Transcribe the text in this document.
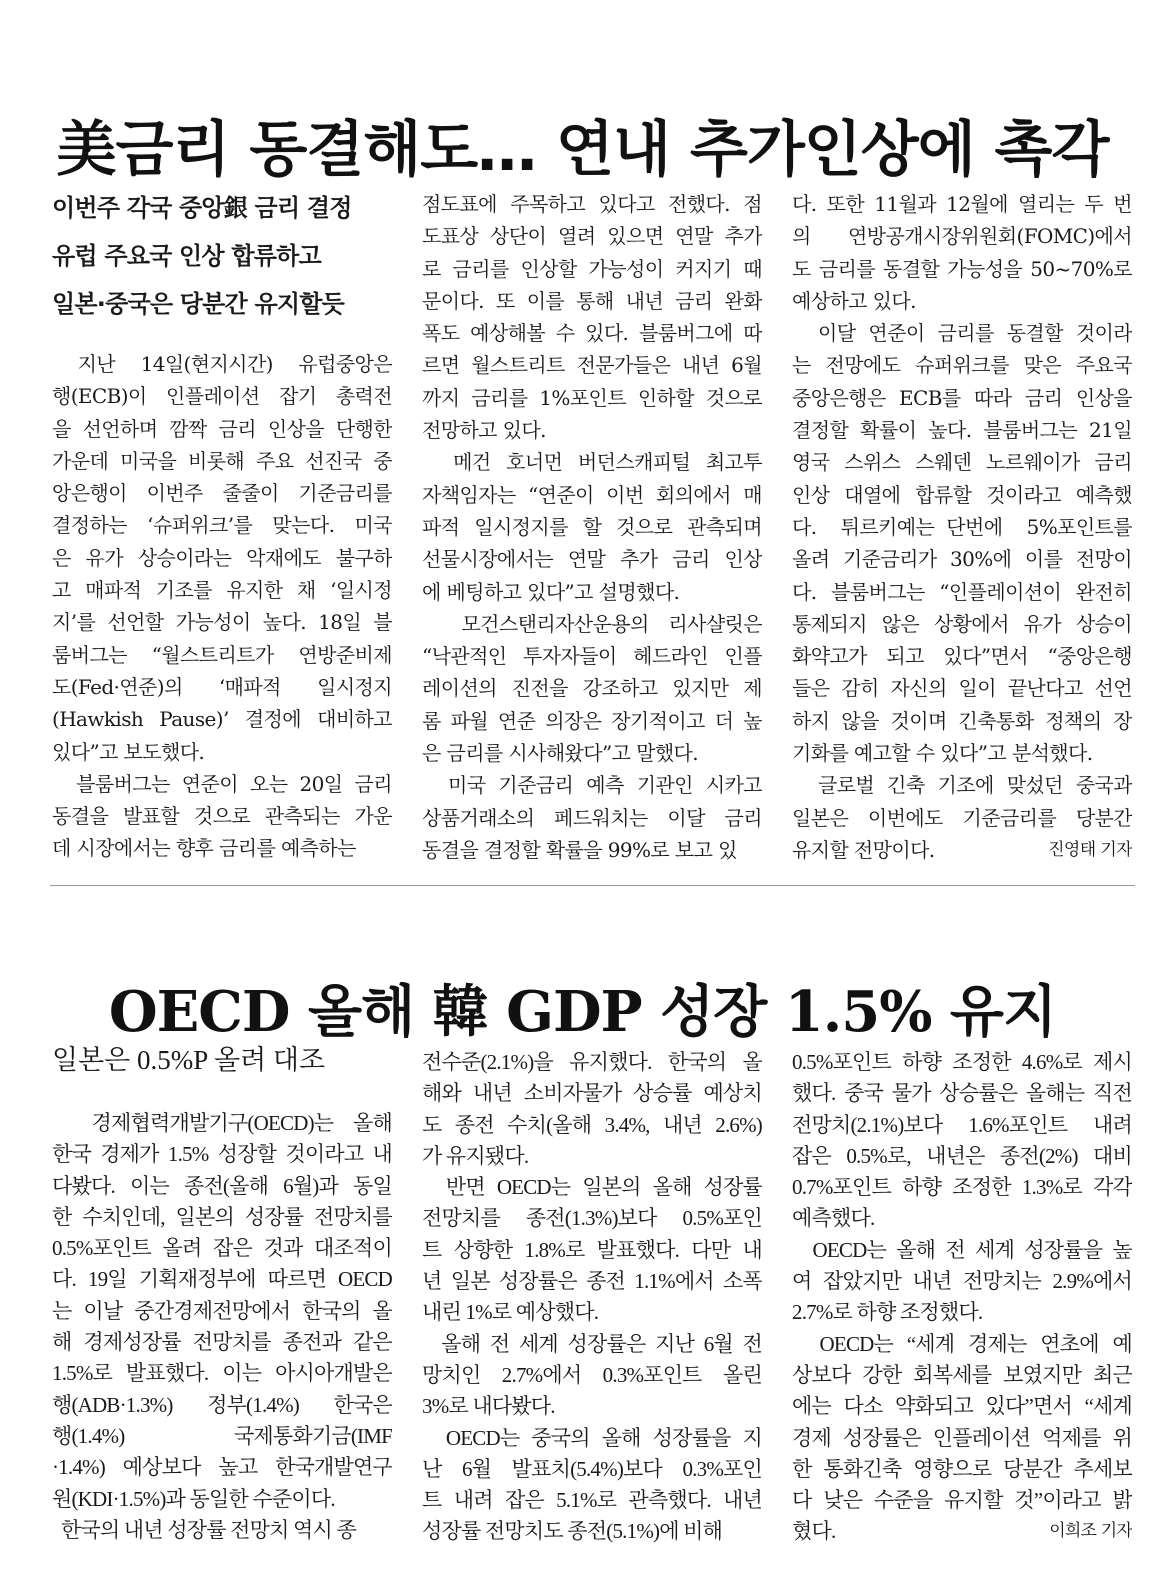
美금리 동결해도… 연내 추가인상에 촉각
이번주 각국 중앙銀 금리 결정
유럽 주요국 인상 합류하고
일본·중국은 당분간 유지할듯
지난  14일(현지시간)  유럽중앙은
행(ECB)이 인플레이션 잡기 총력전
을 선언하며 깜짝 금리 인상을 단행한
가운데 미국을 비롯해 주요 선진국 중
앙은행이 이번주 줄줄이 기준금리를
결정하는 ‘슈퍼위크’를 맞는다. 미국
은 유가 상승이라는 악재에도 불구하
고 매파적 기조를 유지한 채 ‘일시정
지’를 선언할 가능성이 높다. 18일 블
룸버그는 “월스트리트가 연방준비제
도(Fed·연준)의  ‘매파적  일시정지
(Hawkish Pause)’ 결정에 대비하고
있다”고 보도했다.
블룸버그는 연준이 오는 20일 금리
동결을 발표할 것으로 관측되는 가운
데 시장에서는 향후 금리를 예측하는
점도표에 주목하고 있다고 전했다. 점
도표상 상단이 열려 있으면 연말 추가
로 금리를 인상할 가능성이 커지기 때
문이다. 또 이를 통해 내년 금리 완화
폭도 예상해볼 수 있다. 블룸버그에 따
르면 월스트리트 전문가들은 내년 6월
까지 금리를 1%포인트 인하할 것으로
전망하고 있다.
메건 호너먼 버던스캐피털 최고투
자책임자는 “연준이 이번 회의에서 매
파적 일시정지를 할 것으로 관측되며
선물시장에서는 연말 추가 금리 인상
에 베팅하고 있다”고 설명했다.
모건스탠리자산운용의 리사샬릿은
“낙관적인 투자자들이 헤드라인 인플
레이션의 진전을 강조하고 있지만 제
롬 파월 연준 의장은 장기적이고 더 높
은 금리를 시사해왔다”고 말했다.
미국 기준금리 예측 기관인 시카고
상품거래소의 페드워치는 이달 금리
동결을 결정할 확률을 99%로 보고 있
다. 또한 11월과 12월에 열리는 두 번
의 연방공개시장위원회(FOMC)에서
도 금리를 동결할 가능성을 50~70%로
예상하고 있다.
이달 연준이 금리를 동결할 것이라
는 전망에도 슈퍼위크를 맞은 주요국
중앙은행은 ECB를 따라 금리 인상을
결정할 확률이 높다. 블룸버그는 21일
영국 스위스 스웨덴 노르웨이가 금리
인상 대열에 합류할 것이라고 예측했
다.  튀르키예는 단번에  5%포인트를
올려 기준금리가 30%에 이를 전망이
다. 블룸버그는 “인플레이션이 완전히
통제되지 않은 상황에서 유가 상승이
화약고가 되고 있다”면서 “중앙은행
들은 감히 자신의 일이 끝난다고 선언
하지 않을 것이며 긴축통화 정책의 장
기화를 예고할 수 있다”고 분석했다.
글로벌 긴축 기조에 맞섰던 중국과
일본은 이번에도 기준금리를 당분간
진영태 기자
유지할 전망이다.
OECD 올해 韓 GDP 성장 1.5% 유지
일본은 0.5%P 올려 대조
경제협력개발기구(OECD)는 올해
한국 경제가 1.5% 성장할 것이라고 내
다봤다. 이는 종전(올해 6월)과 동일
한 수치인데, 일본의 성장률 전망치를
0.5%포인트 올려 잡은 것과 대조적이
다. 19일 기획재정부에 따르면 OECD
는 이날 중간경제전망에서 한국의 올
해 경제성장률 전망치를 종전과 같은
1.5%로 발표했다. 이는 아시아개발은
행(ADB·1.3%) 정부(1.4%) 한국은
행(1.4%)  국제통화기금(IMF
·1.4%) 예상보다 높고 한국개발연구
원(KDI·1.5%)과 동일한 수준이다.
한국의 내년 성장률 전망치 역시 종
전수준(2.1%)을 유지했다. 한국의 올
해와 내년 소비자물가 상승률 예상치
도 종전 수치(올해 3.4%, 내년 2.6%)
가 유지됐다.
반면 OECD는 일본의 올해 성장률
전망치를 종전(1.3%)보다 0.5%포인
트 상향한 1.8%로 발표했다. 다만 내
년 일본 성장률은 종전 1.1%에서 소폭
내린 1%로 예상했다.
올해 전 세계 성장률은 지난 6월 전
망치인  2.7%에서  0.3%포인트  올린
3%로 내다봤다.
OECD는 중국의 올해 성장률을 지
난 6월 발표치(5.4%)보다 0.3%포인
트 내려 잡은 5.1%로 관측했다. 내년
성장률 전망치도 종전(5.1%)에 비해
0.5%포인트 하향 조정한 4.6%로 제시
했다. 중국 물가 상승률은 올해는 직전
전망치(2.1%)보다 1.6%포인트 내려
잡은 0.5%로, 내년은 종전(2%) 대비
0.7%포인트 하향 조정한 1.3%로 각각
예측했다.
OECD는 올해 전 세계 성장률을 높
여 잡았지만 내년 전망치는 2.9%에서
2.7%로 하향 조정했다.
OECD는 “세계 경제는 연초에 예
상보다 강한 회복세를 보였지만 최근
에는 다소 약화되고 있다”면서 “세계
경제 성장률은 인플레이션 억제를 위
한 통화긴축 영향으로 당분간 추세보
다 낮은 수준을 유지할 것”이라고 밝
이희조 기자
혔다.
